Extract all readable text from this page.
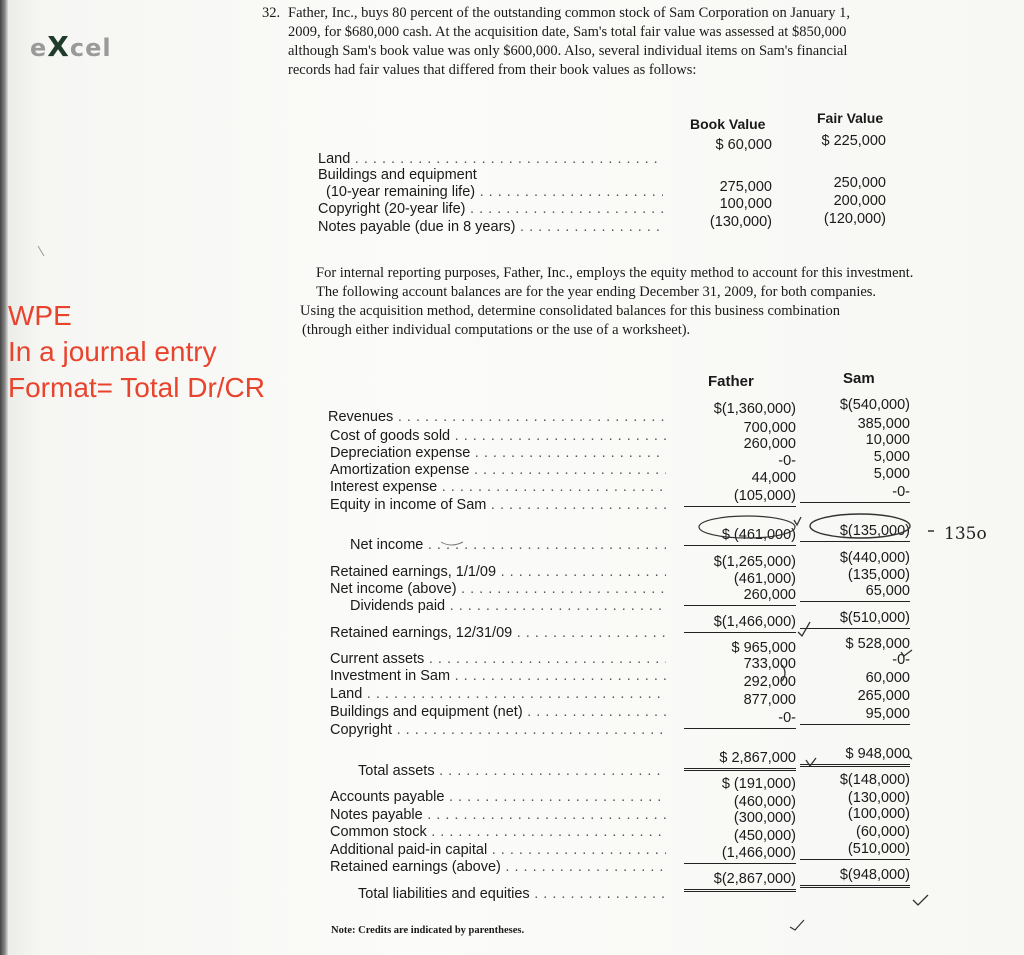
eXcel
32. Father, Inc., buys 80 percent of the outstanding common stock of Sam Corporation on January 1,
2009, for $680,000 cash. At the acquisition date, Sam's total fair value was assessed at $850,000
although Sam's book value was only $600,000. Also, several individual items on Sam's financial
records had fair values that differed from their book values as follows:
Book Value	Fair Value
Land . . .
$ 60,000	$ 225,000
Buildings and equipment
(10-year remaining life) . . .	275,000	250,000
Copyright (20-year life) . . .	100,000	200,000
Notes payable (due in 8 years) . . .	(130,000)	(120,000)
For internal reporting purposes, Father, Inc., employs the equity method to account for this investment.
The following account balances are for the year ending December 31, 2009, for both companies.
Using the acquisition method, determine consolidated balances for this business combination
(through either individual computations or the use of a worksheet).
WPE
In a journal entry
Format= Total Dr/CR	Father	Sam
Revenues . . .	$(1,360,000)	$(540,000)
Cost of goods sold . . .	700,000	385,000
Depreciation expense . . .
260,000	10,000
Amortization expense . . .
-0-	5,000
Interest expense . . .
44,000	5,000
Equity in income of Sam . . .
(105,000)	-0-
Net income . . .
$ (461,000)	$(135,000)
Retained earnings, 1/1/09 . . .
$(1,265,000)	$(440,000)
Net income (above) . . .
(461,000)	(135,000)
Dividends paid . . .
260,000	65,000
Retained earnings, 12/31/09 . . .
$(1,466,000)	$(510,000)
Current assets . . .
$ 965,000	$ 528,000
Investment in Sam . . .
733,000	-0-
Land . . .
292,000	60,000
Buildings and equipment (net) . . .
877,000	265,000
Copyright . . .
-0-	95,000
Total assets . . .
$ 2,867,000	$ 948,000
Accounts payable . . .
$ (191,000)	$(148,000)
Notes payable . . .
(460,000)	(130,000)
Common stock . . .
(300,000)	(100,000)
Additional paid-in capital . . .
(450,000)	(60,000)
Retained earnings (above) . . .
(1,466,000)	(510,000)
Total liabilities and equities . . .
$(2,867,000)	$(948,000)
Note: Credits are indicated by parentheses.
135o
